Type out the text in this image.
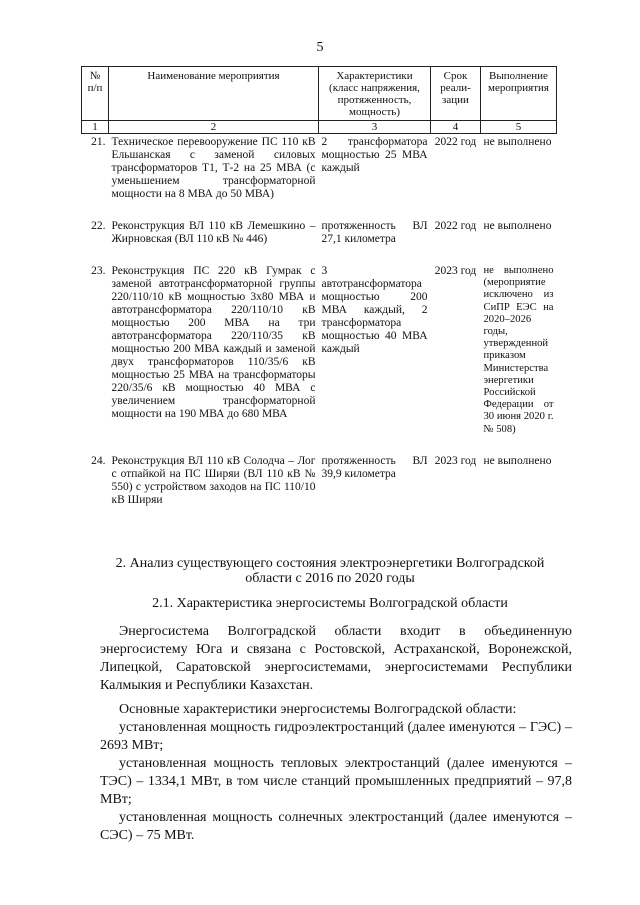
5
№ п/п	Наименование мероприятия	Характеристики (класс напряжения, протяженность, мощность)	Срок реали-зации	Выполнение мероприятия
1	2	3	4	5
21.	Техническое перевооружение ПС 110 кВ Ельшанская с заменой силовых трансформаторов Т1, Т-2 на 25 МВА (с уменьшением трансформаторной мощности на 8 МВА до 50 МВА)	2 трансформатора мощностью 25 МВА каждый	2022 год	не выполнено
22.	Реконструкция ВЛ 110 кВ Лемешкино – Жирновская (ВЛ 110 кВ № 446)	протяженность ВЛ 27,1 километра	2022 год	не выполнено
23.	Реконструкция ПС 220 кВ Гумрак с заменой автотрансформаторной группы 220/110/10 кВ мощностью 3х80 МВА и автотрансформатора 220/110/10 кВ мощностью 200 МВА на три автотрансформатора 220/110/35 кВ мощностью 200 МВА каждый и заменой двух трансформаторов 110/35/6 кВ мощностью 25 МВА на трансформаторы 220/35/6 кВ мощностью 40 МВА с увеличением трансформаторной мощности на 190 МВА до 680 МВА	3 автотрансформатора мощностью 200 МВА каждый, 2 трансформатора мощностью 40 МВА каждый	2023 год	не выполнено (мероприятие исключено из СиПР ЕЭС на 2020–2026 годы, утвержденной приказом Министерства энергетики Российской Федерации от 30 июня 2020 г. № 508)
24.	Реконструкция ВЛ 110 кВ Солодча – Лог с отпайкой на ПС Ширяи (ВЛ 110 кВ № 550) с устройством заходов на ПС 110/10 кВ Ширяи	протяженность ВЛ 39,9 километра	2023 год	не выполнено
2. Анализ существующего состояния электроэнергетики Волгоградской области с 2016 по 2020 годы
2.1. Характеристика энергосистемы Волгоградской области

Энергосистема Волгоградской области входит в объединенную энергосистему Юга и связана с Ростовской, Астраханской, Воронежской, Липецкой, Саратовской энергосистемами, энергосистемами Республики Калмыкия и Республики Казахстан.

Основные характеристики энергосистемы Волгоградской области:

установленная мощность гидроэлектростанций (далее именуются – ГЭС) – 2693 МВт;

установленная мощность тепловых электростанций (далее именуются – ТЭС) – 1334,1 МВт, в том числе станций промышленных предприятий – 97,8 МВт;

установленная мощность солнечных электростанций (далее именуются – СЭС) – 75 МВт.
